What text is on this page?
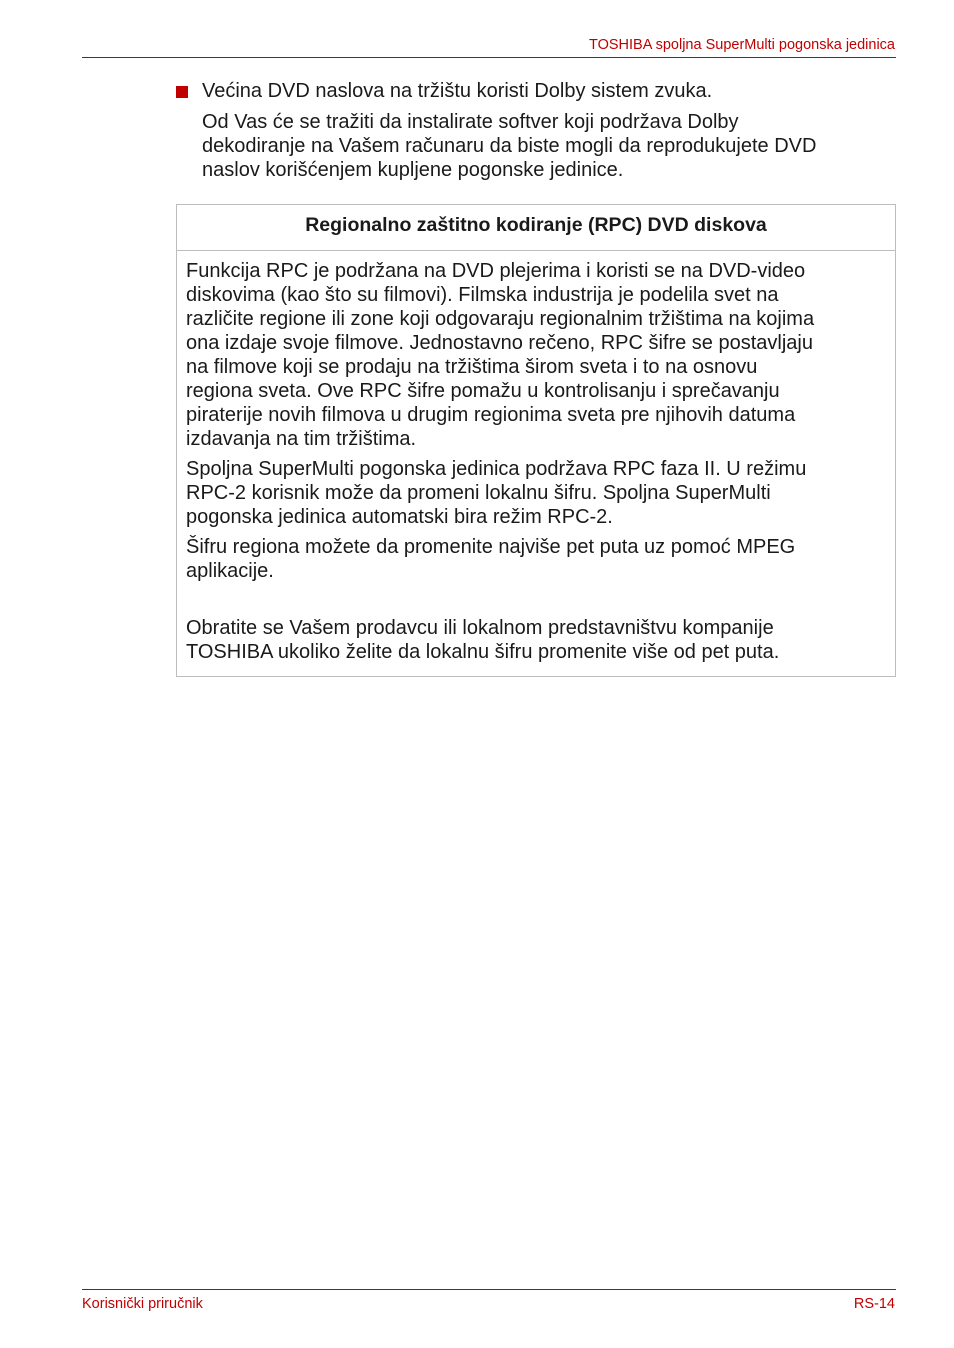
TOSHIBA spoljna SuperMulti pogonska jedinica
Većina DVD naslova na tržištu koristi Dolby sistem zvuka.
Od Vas će se tražiti da instalirate softver koji podržava Dolby
dekodiranje na Vašem računaru da biste mogli da reprodukujete DVD
naslov korišćenjem kupljene pogonske jedinice.
Regionalno zaštitno kodiranje (RPC) DVD diskova

Funkcija RPC je podržana na DVD plejerima i koristi se na DVD-video
diskovima (kao što su filmovi). Filmska industrija je podelila svet na
različite regione ili zone koji odgovaraju regionalnim tržištima na kojima
ona izdaje svoje filmove. Jednostavno rečeno, RPC šifre se postavljaju
na filmove koji se prodaju na tržištima širom sveta i to na osnovu
regiona sveta. Ove RPC šifre pomažu u kontrolisanju i sprečavanju
piraterije novih filmova u drugim regionima sveta pre njihovih datuma
izdavanja na tim tržištima.

Spoljna SuperMulti pogonska jedinica podržava RPC faza II. U režimu
RPC-2 korisnik može da promeni lokalnu šifru. Spoljna SuperMulti
pogonska jedinica automatski bira režim RPC-2.

Šifru regiona možete da promenite najviše pet puta uz pomoć MPEG
aplikacije.

Obratite se Vašem prodavcu ili lokalnom predstavništvu kompanije
TOSHIBA ukoliko želite da lokalnu šifru promenite više od pet puta.

Korisnički priručnik	RS-14
